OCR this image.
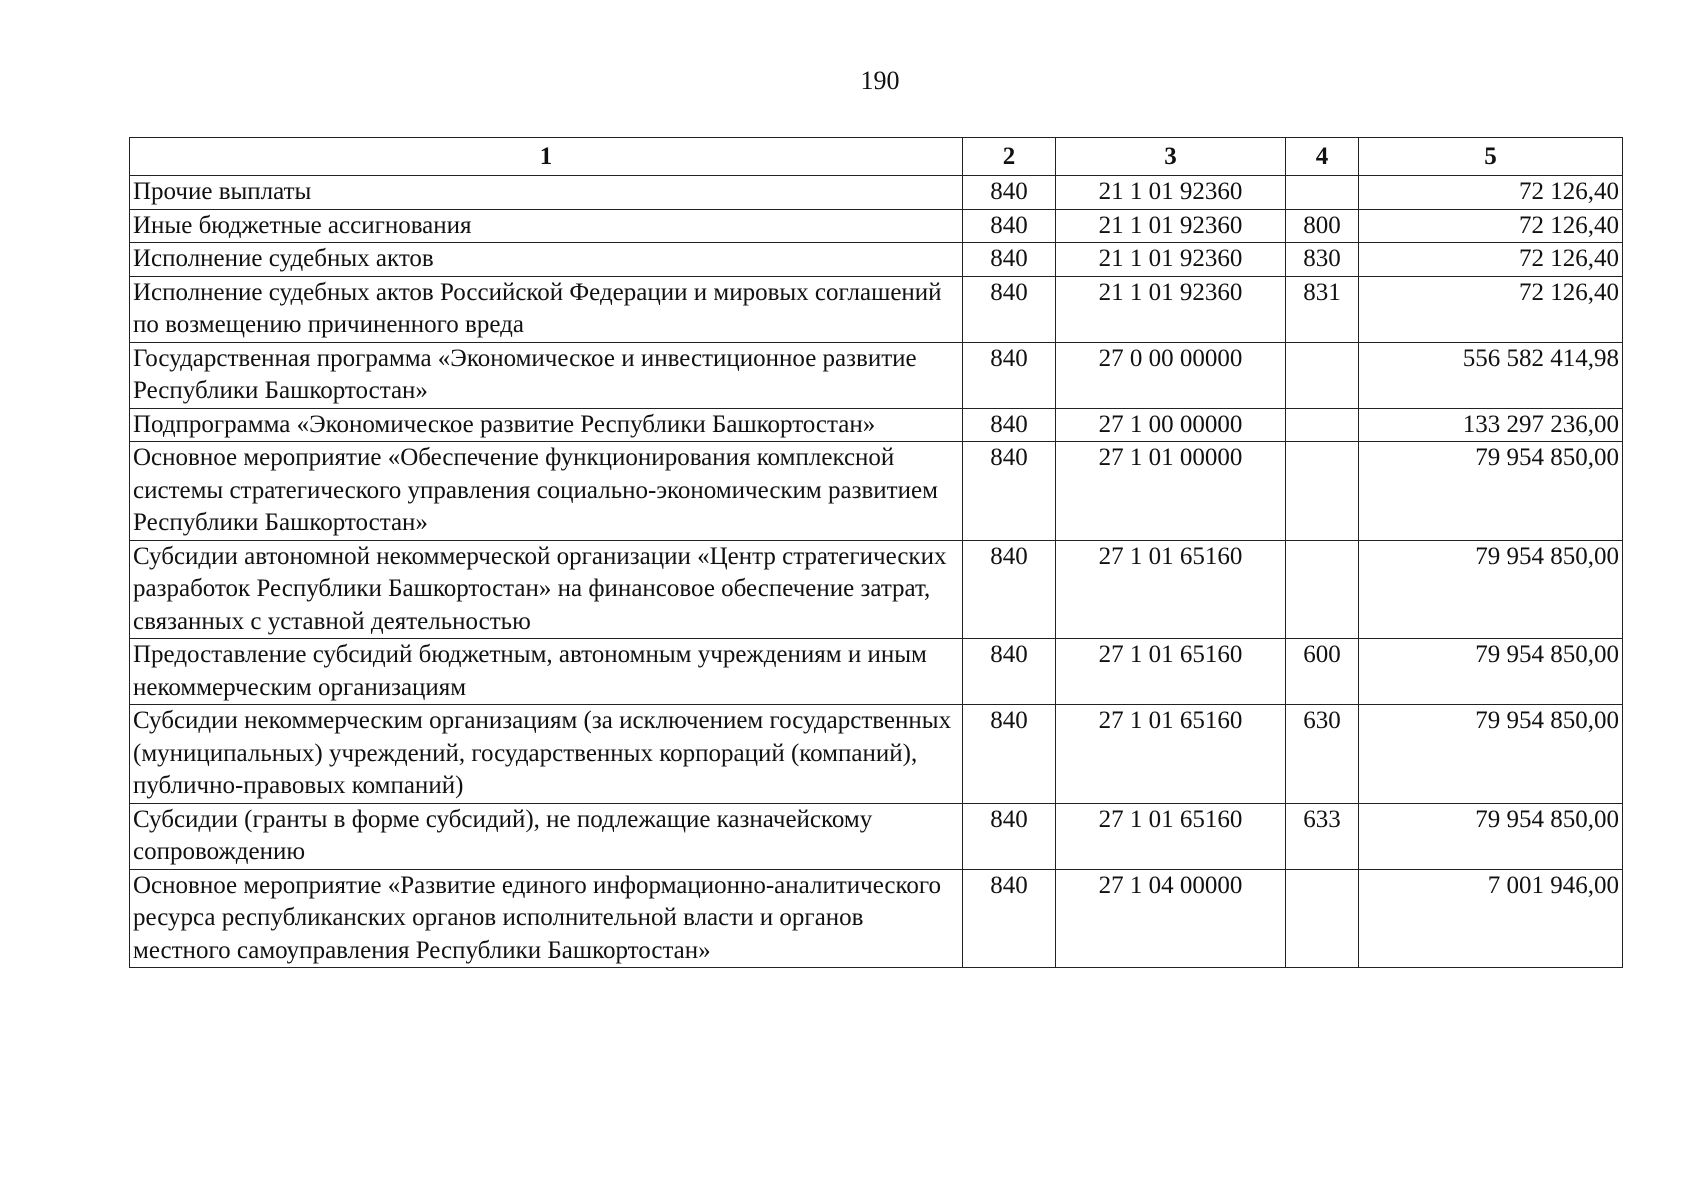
190
1	2	3	4	5
Прочие выплаты	840	21 1 01 92360		72 126,40
Иные бюджетные ассигнования	840	21 1 01 92360	800	72 126,40
Исполнение судебных актов	840	21 1 01 92360	830	72 126,40
Исполнение судебных актов Российской Федерации и мировых соглашений по возмещению причиненного вреда	840	21 1 01 92360	831	72 126,40
Государственная программа «Экономическое и инвестиционное развитие Республики Башкортостан»	840	27 0 00 00000		556 582 414,98
Подпрограмма «Экономическое развитие Республики Башкортостан»	840	27 1 00 00000		133 297 236,00
Основное мероприятие «Обеспечение функционирования комплексной системы стратегического управления социально-экономическим развитием Республики Башкортостан»	840	27 1 01 00000		79 954 850,00
Субсидии автономной некоммерческой организации «Центр стратегических разработок Республики Башкортостан» на финансовое обеспечение затрат, связанных с уставной деятельностью	840	27 1 01 65160		79 954 850,00
Предоставление субсидий бюджетным, автономным учреждениям и иным некоммерческим организациям	840	27 1 01 65160	600	79 954 850,00
Субсидии некоммерческим организациям (за исключением государственных (муниципальных) учреждений, государственных корпораций (компаний), публично-правовых компаний)	840	27 1 01 65160	630	79 954 850,00
Субсидии (гранты в форме субсидий), не подлежащие казначейскому сопровождению	840	27 1 01 65160	633	79 954 850,00
Основное мероприятие «Развитие единого информационно-аналитического ресурса республиканских органов исполнительной власти и органов местного самоуправления Республики Башкортостан»	840	27 1 04 00000		7 001 946,00
